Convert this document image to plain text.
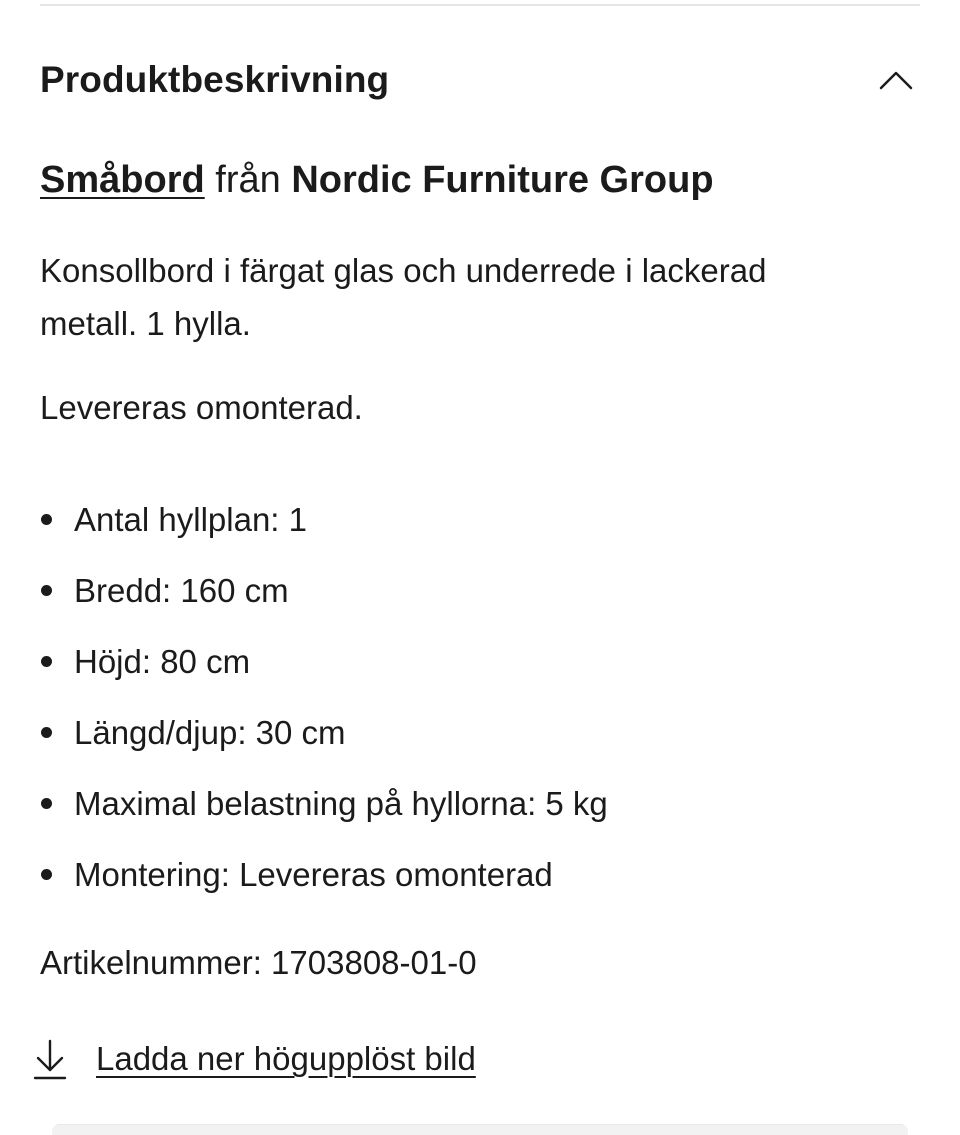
Produktbeskrivning
Småbord från Nordic Furniture Group

Konsollbord i färgat glas och underrede i lackerad metall. 1 hylla.

Levereras omonterad.

Antal hyllplan: 1
Bredd: 160 cm
Höjd: 80 cm
Längd/djup: 30 cm
Maximal belastning på hyllorna: 5 kg
Montering: Levereras omonterad
Artikelnummer: 1703808-01-0
Ladda ner högupplöst bild
